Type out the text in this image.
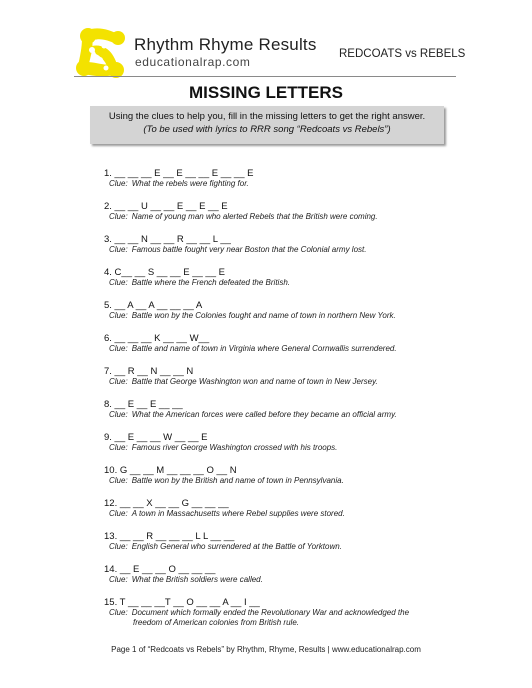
Rhythm Rhyme Results
educationalrap.com
REDCOATS vs REBELS
MISSING LETTERS
Using the clues to help you, fill in the missing letters to get the right answer.
(To be used with lyrics to RRR song “Redcoats vs Rebels”)
1. __ __ __ E __ E __ __ E __ __ E
Clue: What the rebels were fighting for.
2. __ __ U __ __ E __ E __ E
Clue: Name of young man who alerted Rebels that the British were coming.
3. __ __ N __ __ R __ __ L __
Clue: Famous battle fought very near Boston that the Colonial army lost.
4. C__ __ S __ __ E __ __ E
Clue: Battle where the French defeated the British.
5. __ A __ A __ __ __ A
Clue: Battle won by the Colonies fought and name of town in northern New York.
6. __ __ __ K __ __ W__
Clue: Battle and name of town in Virginia where General Cornwallis surrendered.
7. __ R __ N __ __ N
Clue: Battle that George Washington won and name of town in New Jersey.
8. __ E __ E __ __
Clue: What the American forces were called before they became an official army.
9. __ E __ __ W __ __ E
Clue: Famous river George Washington crossed with his troops.
10. G __ __ M __ __ __ O __ N
Clue: Battle won by the British and name of town in Pennsylvania.
12. __ __ X __ __ G __ __ __
Clue: A town in Massachusetts where Rebel supplies were stored.
13. __ __ R __ __ __ L L __ __
Clue: English General who surrendered at the Battle of Yorktown.
14. __ E __ __ O __ __ __
Clue: What the British soldiers were called.
15. T __ __ __T __ O __ __ A __ I __
Clue: Document which formally ended the Revolutionary War and acknowledged the
freedom of American colonies from British rule.
Page 1 of “Redcoats vs Rebels” by Rhythm, Rhyme, Results | www.educationalrap.com
